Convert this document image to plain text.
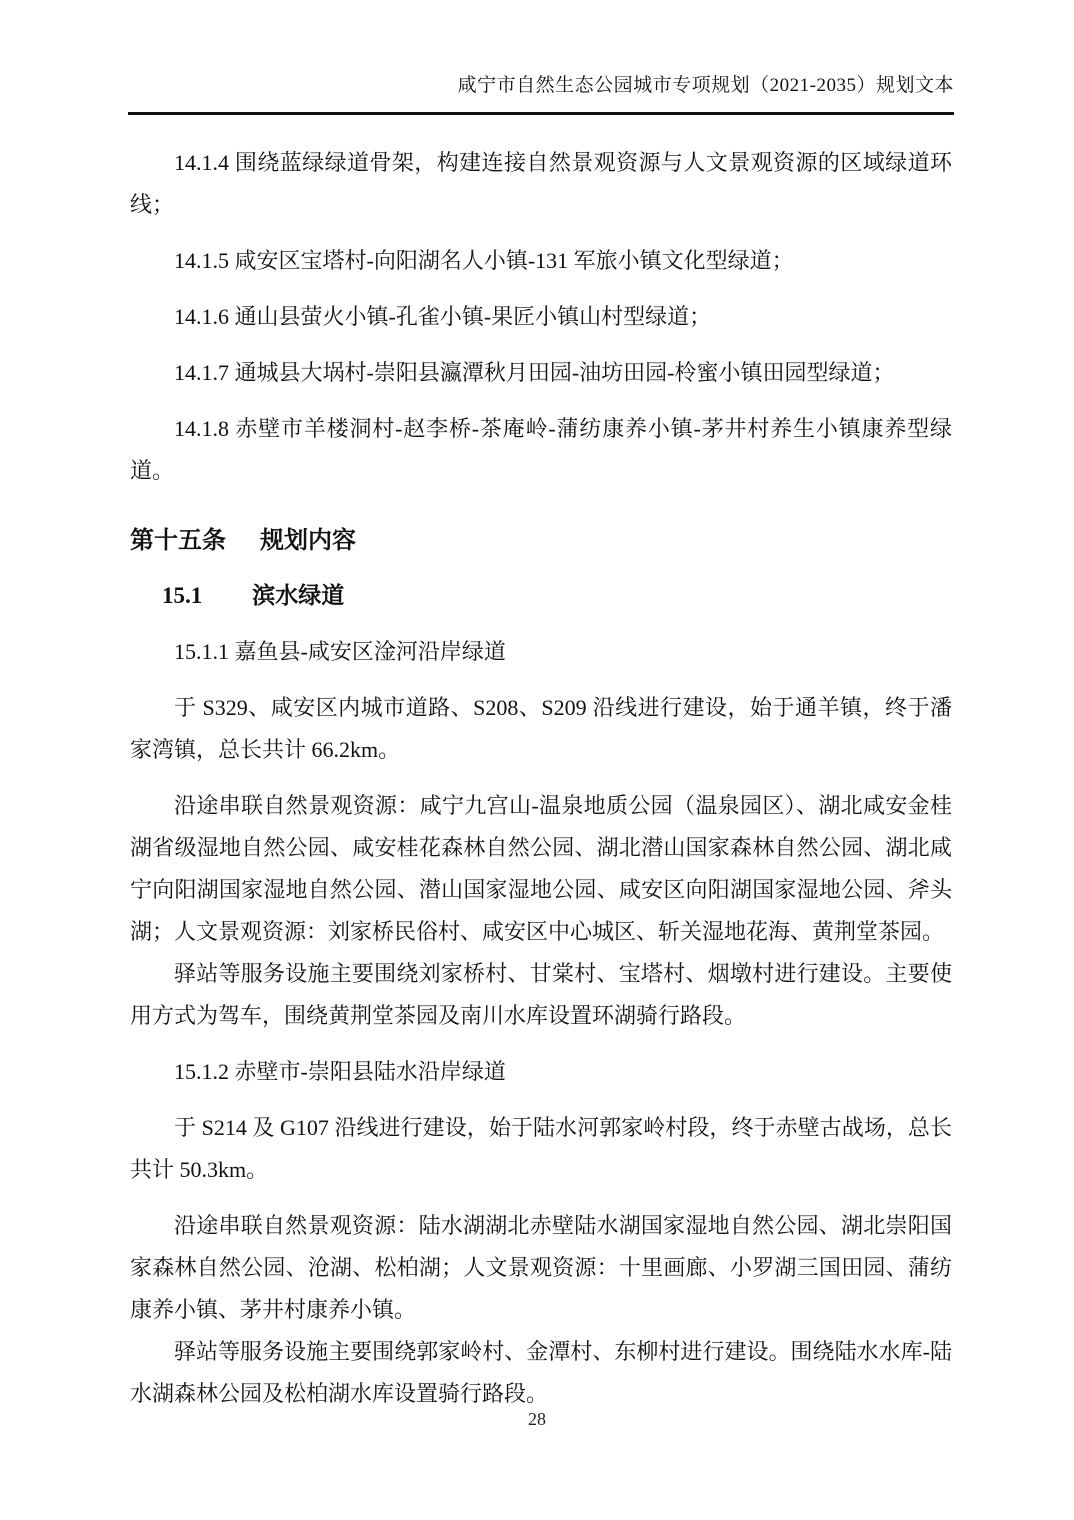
咸宁市自然生态公园城市专项规划（2021-2035）规划文本

14.1.4 围绕蓝绿绿道骨架，构建连接自然景观资源与人文景观资源的区域绿道环线；

14.1.5 咸安区宝塔村-向阳湖名人小镇-131 军旅小镇文化型绿道；

14.1.6 通山县萤火小镇-孔雀小镇-果匠小镇山村型绿道；

14.1.7 通城县大埚村-崇阳县瀛潭秋月田园-油坊田园-柃蜜小镇田园型绿道；

14.1.8 赤壁市羊楼洞村-赵李桥-茶庵岭-蒲纺康养小镇-茅井村养生小镇康养型绿道。

第十五条 规划内容
15.1 滨水绿道

15.1.1 嘉鱼县-咸安区淦河沿岸绿道

于 S329、咸安区内城市道路、S208、S209 沿线进行建设，始于通羊镇，终于潘家湾镇，总长共计 66.2km。

沿途串联自然景观资源：咸宁九宫山-温泉地质公园（温泉园区）、湖北咸安金桂湖省级湿地自然公园、咸安桂花森林自然公园、湖北潜山国家森林自然公园、湖北咸宁向阳湖国家湿地自然公园、潜山国家湿地公园、咸安区向阳湖国家湿地公园、斧头湖；人文景观资源：刘家桥民俗村、咸安区中心城区、斩关湿地花海、黄荆堂茶园。

驿站等服务设施主要围绕刘家桥村、甘棠村、宝塔村、烟墩村进行建设。主要使用方式为驾车，围绕黄荆堂茶园及南川水库设置环湖骑行路段。

15.1.2 赤壁市-崇阳县陆水沿岸绿道

于 S214 及 G107 沿线进行建设，始于陆水河郭家岭村段，终于赤壁古战场，总长共计 50.3km。

沿途串联自然景观资源：陆水湖湖北赤壁陆水湖国家湿地自然公园、湖北崇阳国家森林自然公园、沧湖、松柏湖；人文景观资源：十里画廊、小罗湖三国田园、蒲纺康养小镇、茅井村康养小镇。

驿站等服务设施主要围绕郭家岭村、金潭村、东柳村进行建设。围绕陆水水库-陆水湖森林公园及松柏湖水库设置骑行路段。

28
